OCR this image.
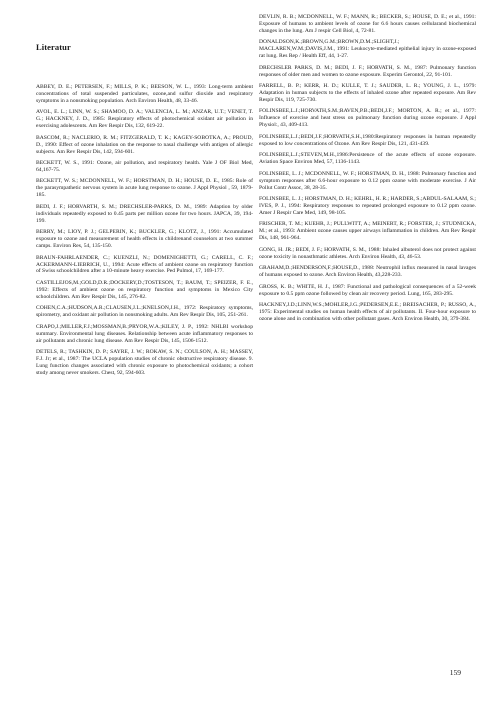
Literatur

ABBEY, D. E.; PETERSEN, F.; MILLS, P. K.; BEESON, W. L., 1993: Long-term ambient concentrations of total suspended particulates, ozone,and sulfur dioxide and respiratory symptoms in a nonsmoking population. Arch Environ Health, 48, 33-46.

AVOL, E. L.; LINN, W. S.; SHAMOO, D. A.; VALENCIA, L. M.; ANZAR, U.T.; VENET, T. G.; HACKNEY, J. D., 1985: Respiratory effects of photochemical oxidant air pollution in exercising adolescents. Am Rev Respir Dis, 132, 619-22.

BASCOM, R.; NACLERIO, R. M.; FITZGERALD, T. K.; KAGEY-SOBOTKA, A.; PROUD, D., 1990: Effect of ozone inhalation on the response to nasal challenge with antigen of allergic subjects. Am Rev Respir Dis, 142, 594-601.

BECKETT, W. S., 1991: Ozone, air pollution, and respiratory health. Yale J OF Biol Med, 64,167-75.

BECKETT, W. S.; MCDONNELL, W. F.; HORSTMAN, D. H.; HOUSE, D. E., 1985: Role of the parasympathetic nervous system in acute lung response to ozone. J Appl Physiol , 59, 1879-185.

BEDI, J. F.; HORVARTH, S. M.; DRECHSLER-PARKS, D. M., 1989: Adaption by older individuals repeatedly exposed to 0.45 parts per million ozone for two hours. JAPCA, 39, 194-199.

BERRY, M.; LIOY, P. J.; GELPERIN, K.; BUCKLER, G.; KLOTZ, J., 1991: Accumulated exposure to ozone and measurement of health effects in childrenand counselors at two summer camps. Environ Res, 54, 135-150.

BRAUN-FAHRLAENDER, C.; KUENZLI, N.; DOMENIGHETTI, G.; CARELL, C. F.; ACKERMANN-LIEBRICH, U., 1994: Acute effects of ambient ozone on respiratory function of Swiss schoolchildren after a 10-minute heavy exercise. Ped Pulmol, 17, 169-177.

CASTILLEJOS,M.;GOLD,D.R.;DOCKERY,D.;TOSTESON, T.; BAUM, T.; SPEIZER, F. E., 1992: Effects of ambient ozone on respiratory function and symptoms in Mexico City schoolchildren. Am Rev Respir Dis, 145, 276-82.

COHEN,C.A.;HUDSON,A.R.;CLAUSEN,J.L.;KNELSON,J.H., 1972: Respiratory symptoms, spirometry, and oxidant air pollution in nonsmoking adults. Am Rev Respir Dis, 105, 251-261.

CRAPO,J.;MILLER,F.J.;MOSSMAN,B.;PRYOR,W.A.;KILEY, J. P., 1992: NHLBI workshop summary. Environmental lung diseases. Relationship between acute inflammatory responses to air pollutants and chronic lung disease. Am Rev Respir Dis, 145, 1506-1512.

DETELS, R.; TASHKIN, D. P.; SAYRE, J. W.; ROKAW, S. N.; COULSON, A. H.; MASSEY, F.J. Jr; et al., 1987: The UCLA population studies of chronic obstructive respiratory disease. 9. Lung function changes associated with chronic exposure to photochemical oxidants; a cohort study among never smokers. Chest, 92, 594-603.

DEVLIN, R. B.; MCDONNELL, W. F.; MANN, R.; BECKER, S.; HOUSE, D. E.; et al., 1991: Exposure of humans to ambient levels of ozone for 6.6 hours causes cellularand biochemical changes in the lung. Am J respir Cell Biol, 4, 72-81.

DONALDSON,K.;BROWN,G.M.;BROWN,D.M.;SLIGHT,J.; MACLAREN,W.M.;DAVIS,J.M., 1991: Leukocyte-mediated epithelial injury in ozone-exposed rat lung. Res Rep / Health Eff, 44, 1-27.

DRECHSLER PARKS, D. M.; BEDI, J. F.; HORVATH, S. M., 1987: Pulmonary function responses of older men and women to ozone exposure. Experim Gerontol, 22, 91-101.

FARRELL, B. P.; KERR, H. D.; KULLE, T. J.; SAUDER, L. R.; YOUNG, J. L., 1979: Adaptation in human subjects to the effects of inhaled ozone after repeated exposure. Am Rev Respir Dis, 119, 725-730.

FOLINSBEE,L.J.;HORVATH,S.M.;RAVEN,P.B.;BEDI,J.F.; MORTON, A. R.; et al., 1977: Influence of exercise and heat stress on pulmonary function during ozone exposure. J Appl Physiol:, 43, 409-413.

FOLINSBEE,L.J.;BEDI,J.F.;HORVATH,S.H.,1980:Respiratory responses in human repeatedly exposed to low concentrations of Ozone. Am Rev Respir Dis, 121, 431-439.

FOLINSBEE,L.J.;STEVEN,M.H.,1986:Persistence of the acute effects of ozone exposure. Aviation Space Environ Med, 57, 1136-1143.

FOLINSBEE, L. J.; MCDONNELL, W. F.; HORSTMAN, D. H., 1988: Pulmonary function and symptom responses after 6.6-hour exposure to 0.12 ppm ozone with moderate exercise. J Air Pollut Contr Assoc, 38, 28-35.

FOLINSBEE, L. J.; HORSTMAN, D. H.; KEHRL, H. R.; HARDER, S.;ABDUL-SALAAM, S.; IVES, P. J., 1994: Respiratory responses to repeated prolonged exposure to 0.12 ppm ozone. Amer J Respir Care Med, 149, 98-105.

FRISCHER, T. M.; KUEHR, J.; PULLWITT, A.; MEINERT, R.; FORSTER, J.; STUDNICKA, M.; et al., 1993: Ambient ozone causes upper airways inflammation in children. Am Rev Respir Dis, 148, 961-964.

GONG, H. JR.; BEDI, J. F.; HORVATH, S. M., 1988: Inhaled albuterol does not protect against ozone toxicity in nonasthmatic athletes. Arch Environ Health, 43, 46-53.

GRAHAM,D.;HENDERSON,F.;HOUSE,D., 1988: Neutrophil influx measured in nasal lavages of humans exposed to ozone. Arch Environ Health, 43,228-233.

GROSS, K. B.; WHITE, H. J., 1987: Functional and pathological consequences of a 52-week exposure to 0.5 ppm ozone followed by clean air recovery period. Lung, 165, 283-295.

HACKNEY,J.D.;LINN,W.S.;MOHLER,J.G.;PEDERSEN,E.E.; BREISACHER, P.; RUSSO, A., 1975: Experimental studies on human health effects of air pollutants. II. Four-hour exposure to ozone alone and in combination with other pollutant gases. Arch Environ Health, 30, 379-384.

159
